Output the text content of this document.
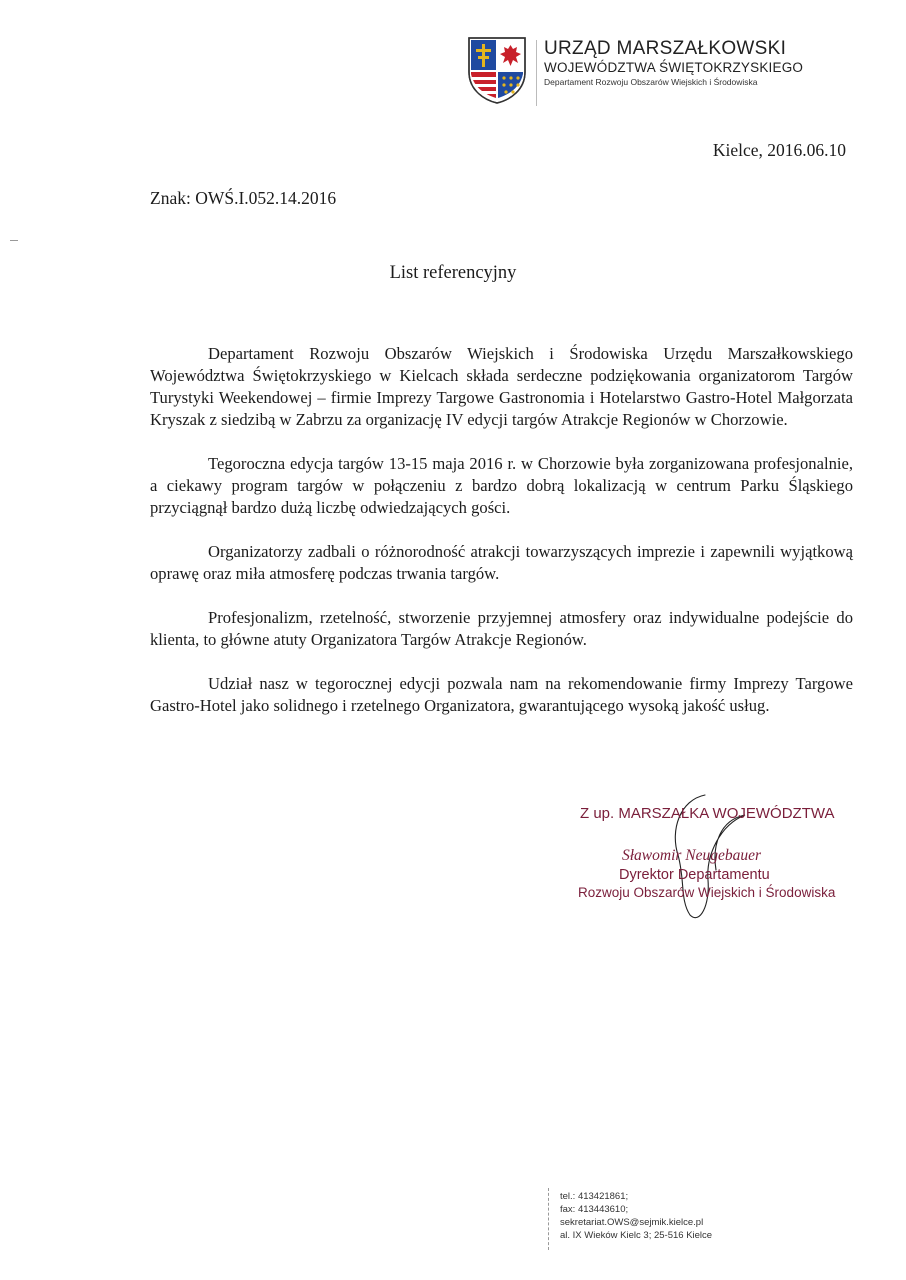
URZĄD MARSZAŁKOWSKI
WOJEWÓDZTWA ŚWIĘTOKRZYSKIEGO
Departament Rozwoju Obszarów Wiejskich i Środowiska
Kielce, 2016.06.10
Znak: OWŚ.I.052.14.2016
List referencyjny

Departament Rozwoju Obszarów Wiejskich i Środowiska Urzędu Marszałkowskiego Województwa Świętokrzyskiego w Kielcach składa serdeczne podziękowania organizatorom Targów Turystyki Weekendowej – firmie Imprezy Targowe Gastronomia i Hotelarstwo Gastro-Hotel Małgorzata Kryszak z siedzibą w Zabrzu za organizację IV edycji targów Atrakcje Regionów w Chorzowie.

Tegoroczna edycja targów 13-15 maja 2016 r. w Chorzowie była zorganizowana profesjonalnie, a ciekawy program targów w połączeniu z bardzo dobrą lokalizacją w centrum Parku Śląskiego przyciągnął bardzo dużą liczbę odwiedzających gości.

Organizatorzy zadbali o różnorodność atrakcji towarzyszących imprezie i zapewnili wyjątkową oprawę oraz miła atmosferę podczas trwania targów.

Profesjonalizm, rzetelność, stworzenie przyjemnej atmosfery oraz indywidualne podejście do klienta, to główne atuty Organizatora Targów Atrakcje Regionów.

Udział nasz w tegorocznej edycji pozwala nam na rekomendowanie firmy Imprezy Targowe Gastro-Hotel jako solidnego i rzetelnego Organizatora, gwarantującego wysoką jakość usług.

Z up. MARSZAŁKA WOJEWÓDZTWA
Sławomir Neugebauer
Dyrektor Departamentu
Rozwoju Obszarów Wiejskich i Środowiska
tel.: 413421861;
fax: 413443610;
sekretariat.OWS@sejmik.kielce.pl
al. IX Wieków Kielc 3; 25-516 Kielce
